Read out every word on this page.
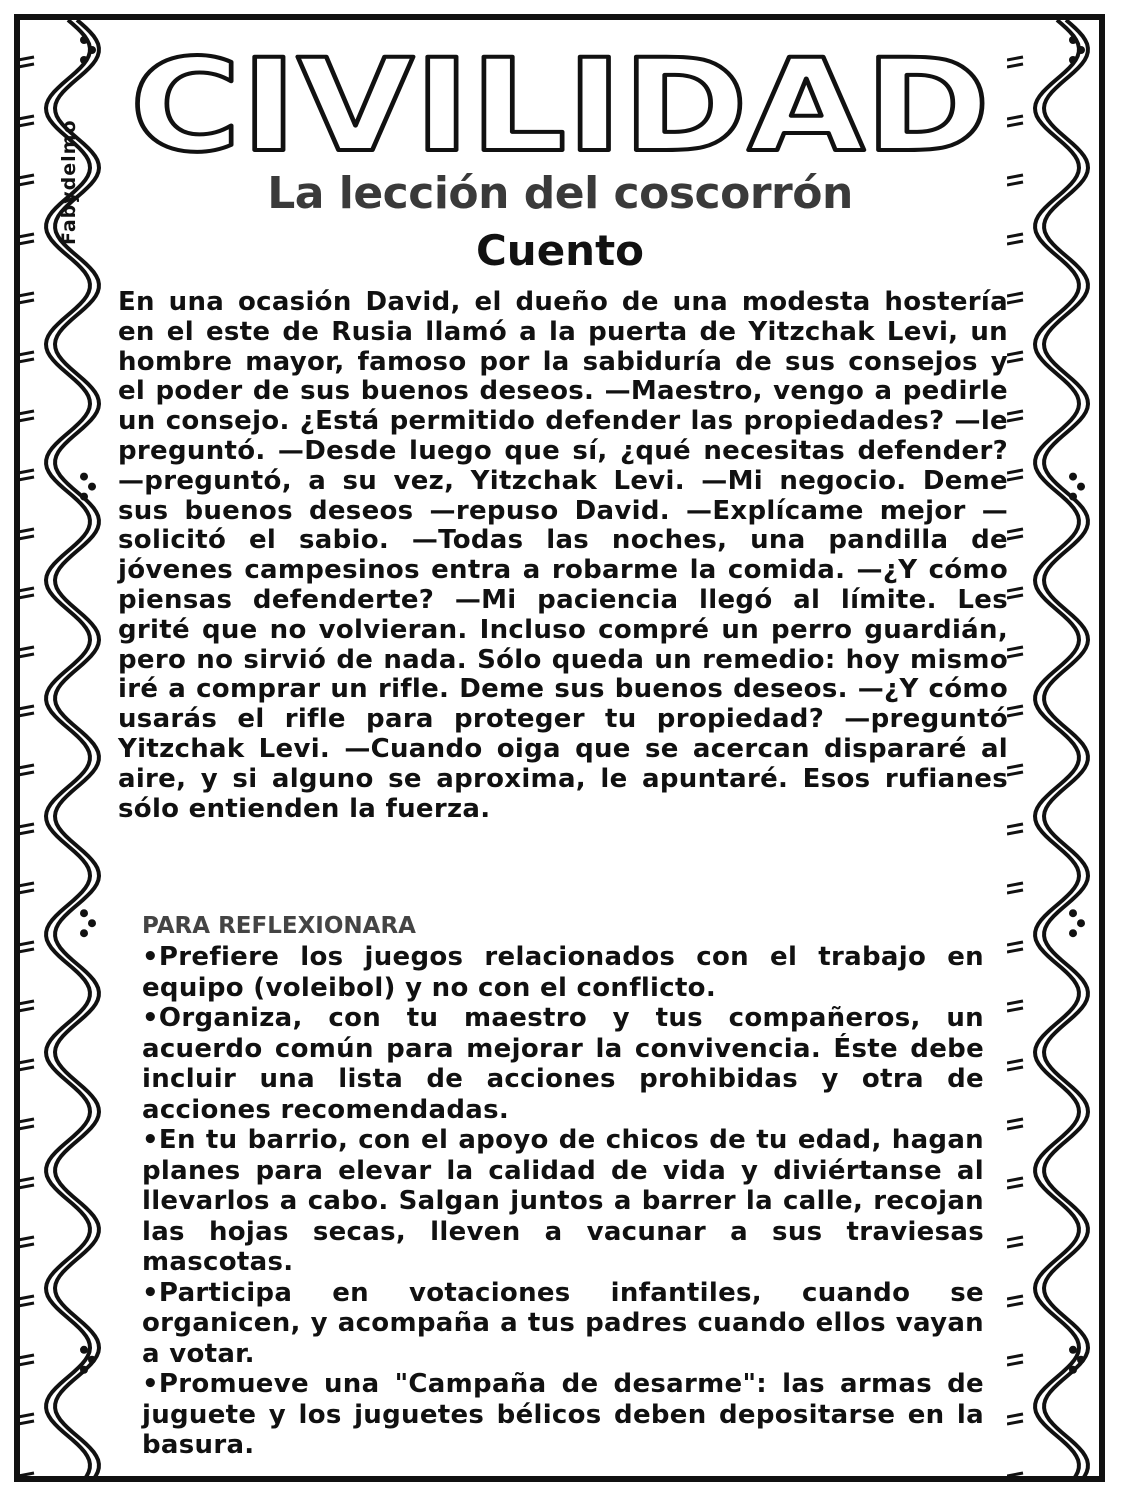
Fabydelmo
CIVILIDAD
La lección del coscorrón
Cuento

En una ocasión David, el dueño de una modesta hostería en el este de Rusia llamó a la puerta de Yitzchak Levi, un hombre mayor, famoso por la sabiduría de sus consejos y el poder de sus buenos deseos. —Maestro, vengo a pedirle un consejo. ¿Está permitido defender las propiedades? —le preguntó. —Desde luego que sí, ¿qué necesitas defender? —preguntó, a su vez, Yitzchak Levi. —Mi negocio. Deme sus buenos deseos —repuso David. —Explícame mejor —solicitó el sabio. —Todas las noches, una pandilla de jóvenes campesinos entra a robarme la comida. —¿Y cómo piensas defenderte? —Mi paciencia llegó al límite. Les grité que no volvieran. Incluso compré un perro guardián, pero no sirvió de nada. Sólo queda un remedio: hoy mismo iré a comprar un rifle. Deme sus buenos deseos. —¿Y cómo usarás el rifle para proteger tu propiedad? —preguntó Yitzchak Levi. —Cuando oiga que se acercan dispararé al aire, y si alguno se aproxima, le apuntaré. Esos rufianes sólo entienden la fuerza.

PARA REFLEXIONARA
•Prefiere los juegos relacionados con el trabajo en equipo (voleibol) y no con el conflicto.
•Organiza, con tu maestro y tus compañeros, un acuerdo común para mejorar la convivencia. Éste debe incluir una lista de acciones prohibidas y otra de acciones recomendadas.
•En tu barrio, con el apoyo de chicos de tu edad, hagan planes para elevar la calidad de vida y diviértanse al llevarlos a cabo. Salgan juntos a barrer la calle, recojan las hojas secas, lleven a vacunar a sus traviesas mascotas.
•Participa en votaciones infantiles, cuando se organicen, y acompaña a tus padres cuando ellos vayan a votar.
•Promueve una "Campaña de desarme": las armas de juguete y los juguetes bélicos deben depositarse en la basura.
